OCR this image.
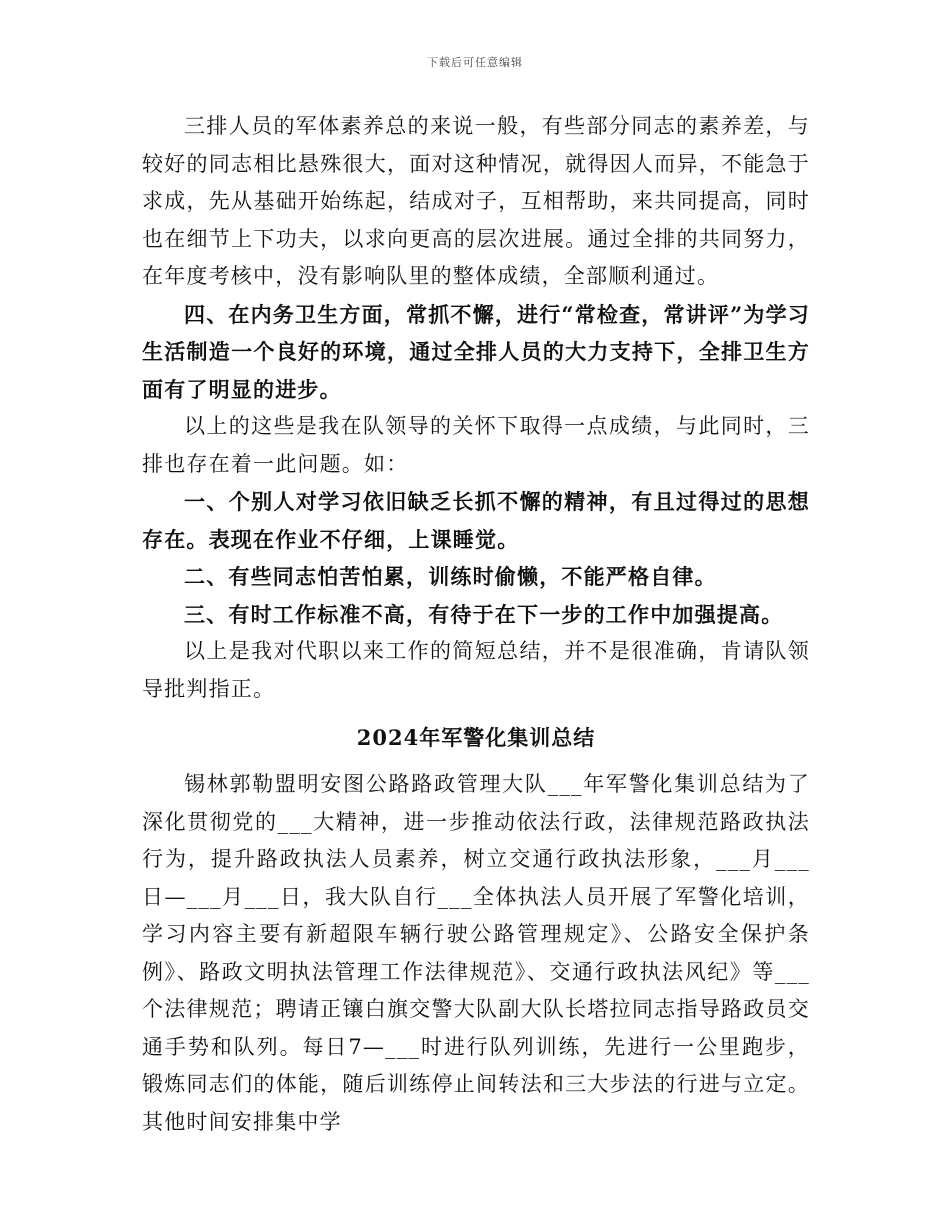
下载后可任意编辑

三排人员的军体素养总的来说一般，有些部分同志的素养差，与较好的同志相比悬殊很大，面对这种情况，就得因人而异，不能急于求成，先从基础开始练起，结成对子，互相帮助，来共同提高，同时也在细节上下功夫，以求向更高的层次进展。通过全排的共同努力，在年度考核中，没有影响队里的整体成绩，全部顺利通过。

四、在内务卫生方面，常抓不懈，进行“常检查，常讲评”为学习生活制造一个良好的环境，通过全排人员的大力支持下，全排卫生方面有了明显的进步。

以上的这些是我在队领导的关怀下取得一点成绩，与此同时，三排也存在着一此问题。如：

一、个别人对学习依旧缺乏长抓不懈的精神，有且过得过的思想存在。表现在作业不仔细，上课睡觉。

二、有些同志怕苦怕累，训练时偷懒，不能严格自律。

三、有时工作标准不高，有待于在下一步的工作中加强提高。

以上是我对代职以来工作的简短总结，并不是很准确，肯请队领导批判指正。

2024年军警化集训总结

锡林郭勒盟明安图公路路政管理大队___年军警化集训总结为了深化贯彻党的___大精神，进一步推动依法行政，法律规范路政执法行为，提升路政执法人员素养，树立交通行政执法形象，___月___日—___月___日，我大队自行___全体执法人员开展了军警化培训，学习内容主要有新超限车辆行驶公路管理规定》、公路安全保护条例》、路政文明执法管理工作法律规范》、交通行政执法风纪》等___个法律规范；聘请正镶白旗交警大队副大队长塔拉同志指导路政员交通手势和队列。每日7—___时进行队列训练，先进行一公里跑步，锻炼同志们的体能，随后训练停止间转法和三大步法的行进与立定。其他时间安排集中学
